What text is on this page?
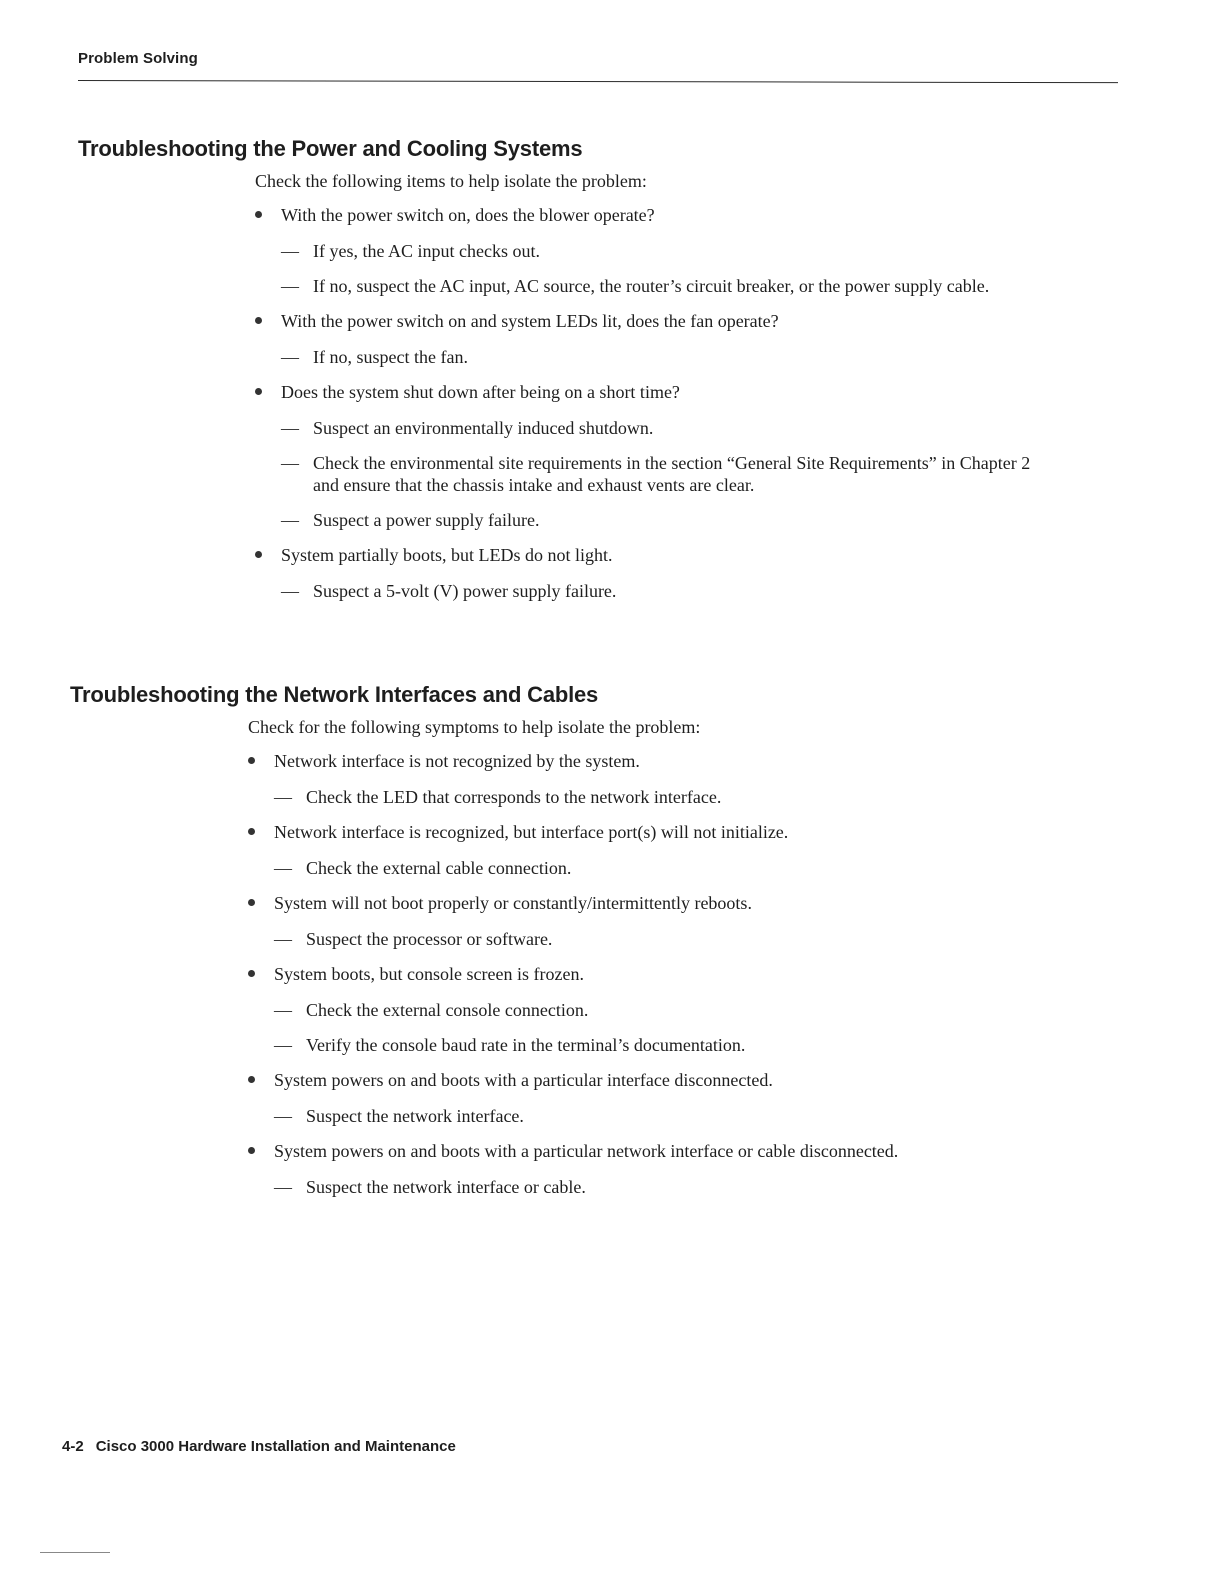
Problem Solving
Troubleshooting the Power and Cooling Systems

Check the following items to help isolate the problem:

With the power switch on, does the blower operate?
— If yes, the AC input checks out.
— If no, suspect the AC input, AC source, the router’s circuit breaker, or the power supply cable.
With the power switch on and system LEDs lit, does the fan operate?
— If no, suspect the fan.
Does the system shut down after being on a short time?
— Suspect an environmentally induced shutdown.
— Check the environmental site requirements in the section “General Site Requirements” in Chapter 2 and ensure that the chassis intake and exhaust vents are clear.
— Suspect a power supply failure.
System partially boots, but LEDs do not light.
— Suspect a 5-volt (V) power supply failure.
Troubleshooting the Network Interfaces and Cables

Check for the following symptoms to help isolate the problem:

Network interface is not recognized by the system.
— Check the LED that corresponds to the network interface.
Network interface is recognized, but interface port(s) will not initialize.
— Check the external cable connection.
System will not boot properly or constantly/intermittently reboots.
— Suspect the processor or software.
System boots, but console screen is frozen.
— Check the external console connection.
— Verify the console baud rate in the terminal’s documentation.
System powers on and boots with a particular interface disconnected.
— Suspect the network interface.
System powers on and boots with a particular network interface or cable disconnected.
— Suspect the network interface or cable.
4-2 Cisco 3000 Hardware Installation and Maintenance
